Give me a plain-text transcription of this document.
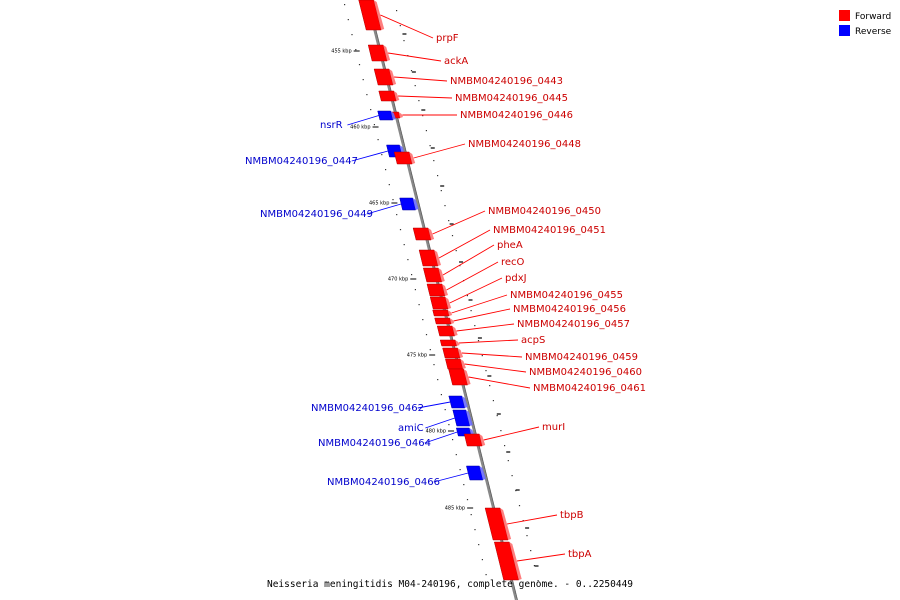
455 kbp
460 kbp
465 kbp
470 kbp
475 kbp
480 kbp
485 kbp
prpF
ackA
NMBM04240196_0443
NMBM04240196_0445
NMBM04240196_0446
nsrR
NMBM04240196_0447
NMBM04240196_0448
NMBM04240196_0449	NMBM04240196_0450
NMBM04240196_0451
pheA
recO
pdxJ
NMBM04240196_0455
NMBM04240196_0456
NMBM04240196_0457
acpS
NMBM04240196_0459
NMBM04240196_0460
NMBM04240196_0461
NMBM04240196_0462
amiC
NMBM04240196_0464
murI
NMBM04240196_0466
tbpB
tbpA
Forward
Reverse
Neisseria meningitidis M04-240196, complete genome. - 0..2250449
